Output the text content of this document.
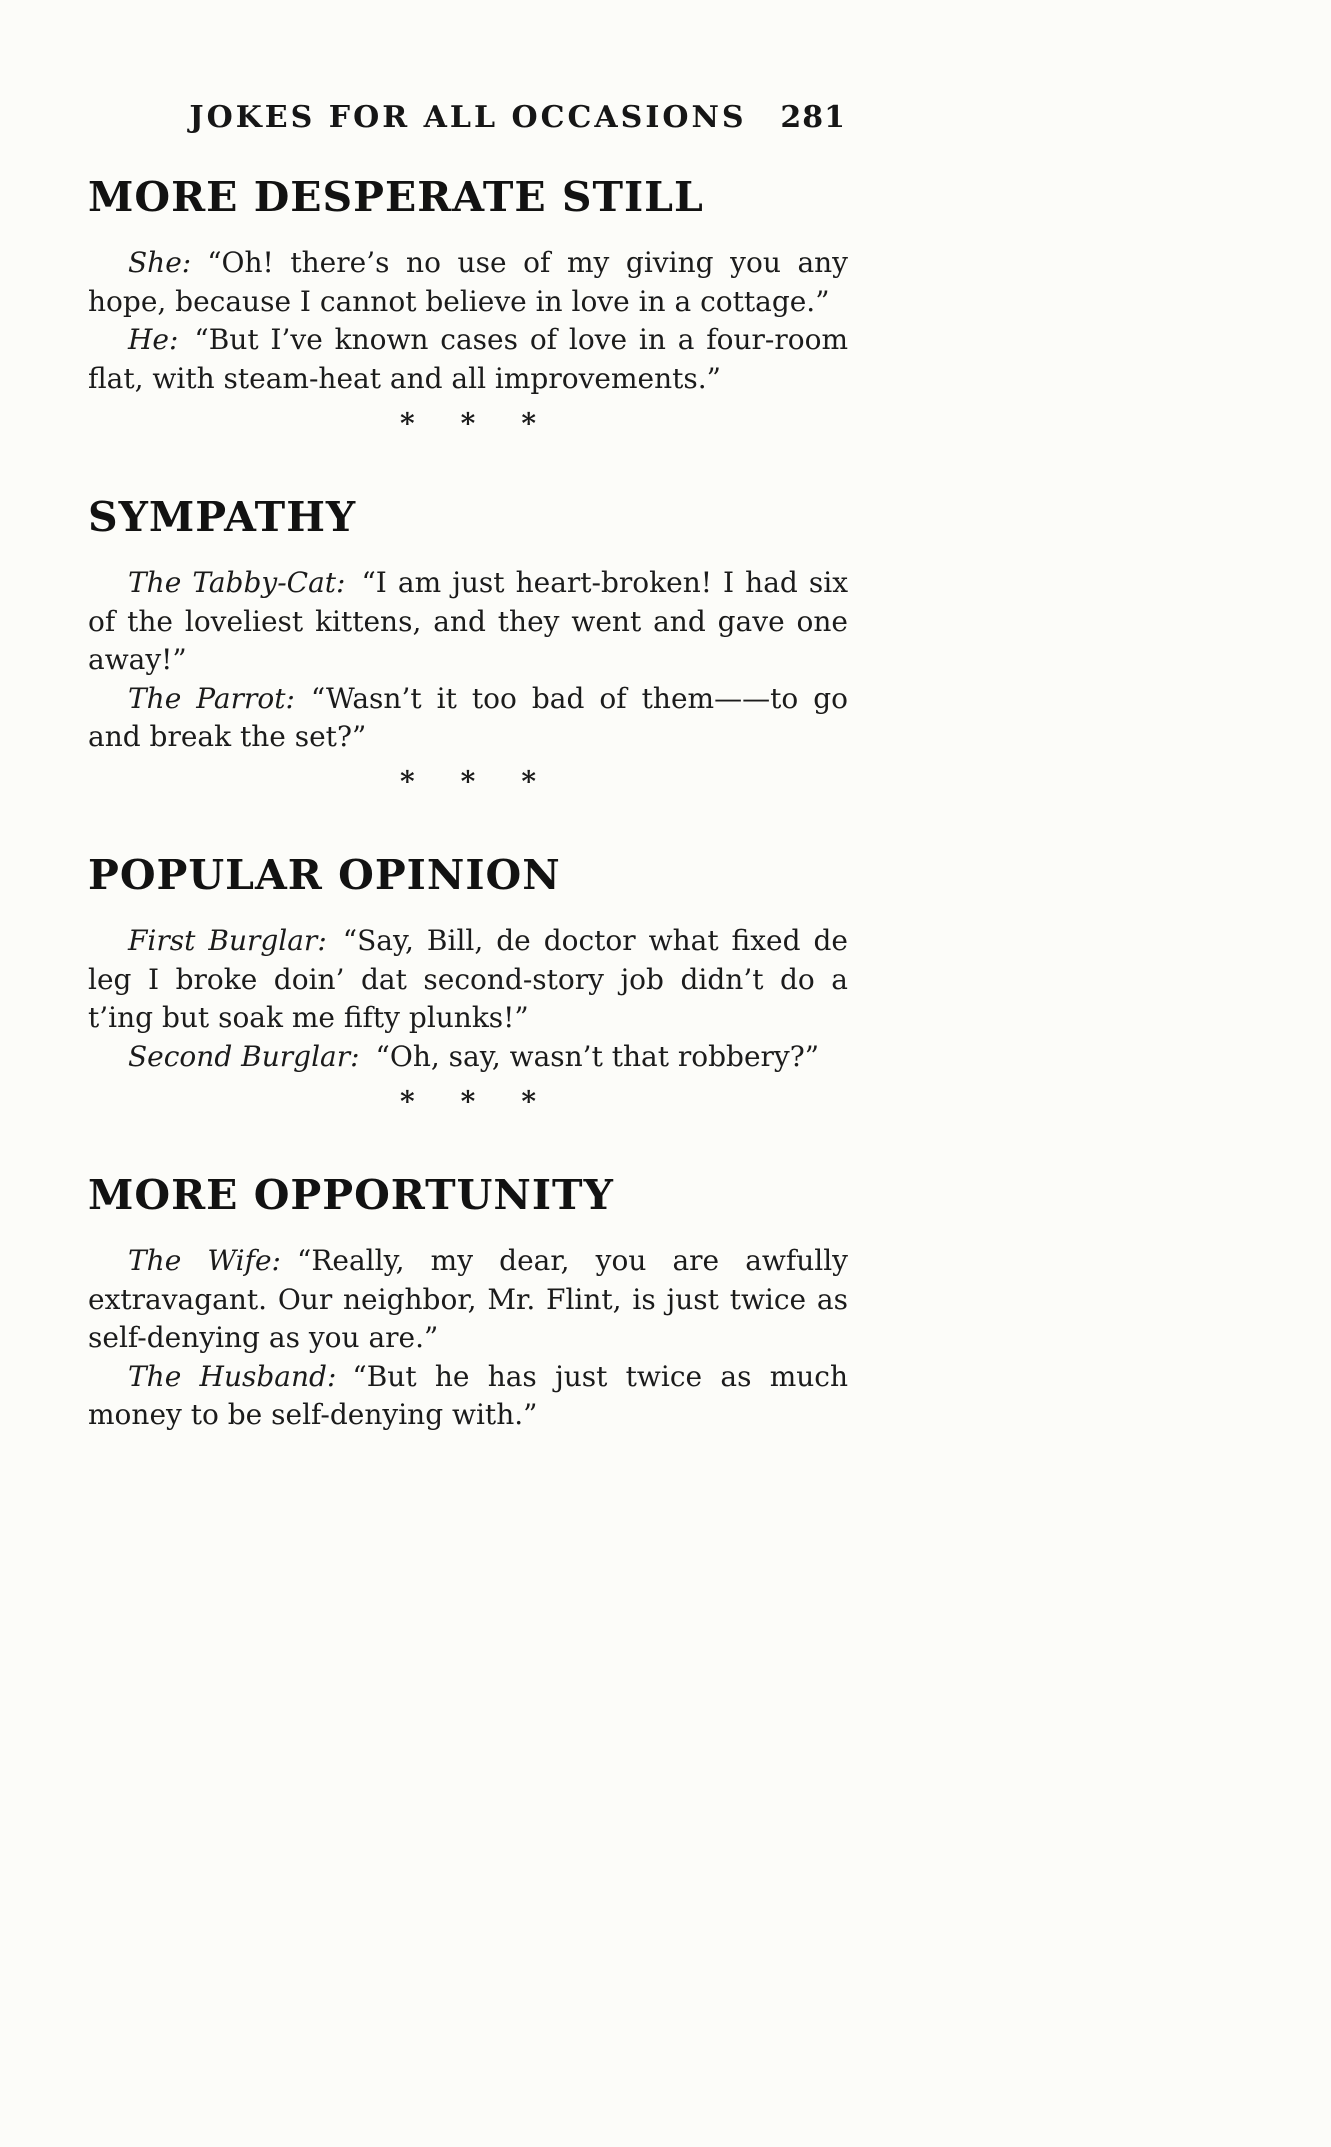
JOKES FOR ALL OCCASIONS 281
MORE DESPERATE STILL

She: “Oh! there’s no use of my giving you any hope, because I cannot believe in love in a cottage.”

He: “But I’ve known cases of love in a four-room flat, with steam-heat and all improvements.”

* * *
SYMPATHY

The Tabby-Cat: “I am just heart-broken! I had six of the loveliest kittens, and they went and gave one away!”

The Parrot: “Wasn’t it too bad of them——to go and break the set?”

* * *
POPULAR OPINION

First Burglar: “Say, Bill, de doctor what fixed de leg I broke doin’ dat second-story job didn’t do a t’ing but soak me fifty plunks!”

Second Burglar: “Oh, say, wasn’t that robbery?”

* * *
MORE OPPORTUNITY

The Wife: “Really, my dear, you are awfully extravagant. Our neighbor, Mr. Flint, is just twice as self-denying as you are.”

The Husband: “But he has just twice as much money to be self-denying with.”
